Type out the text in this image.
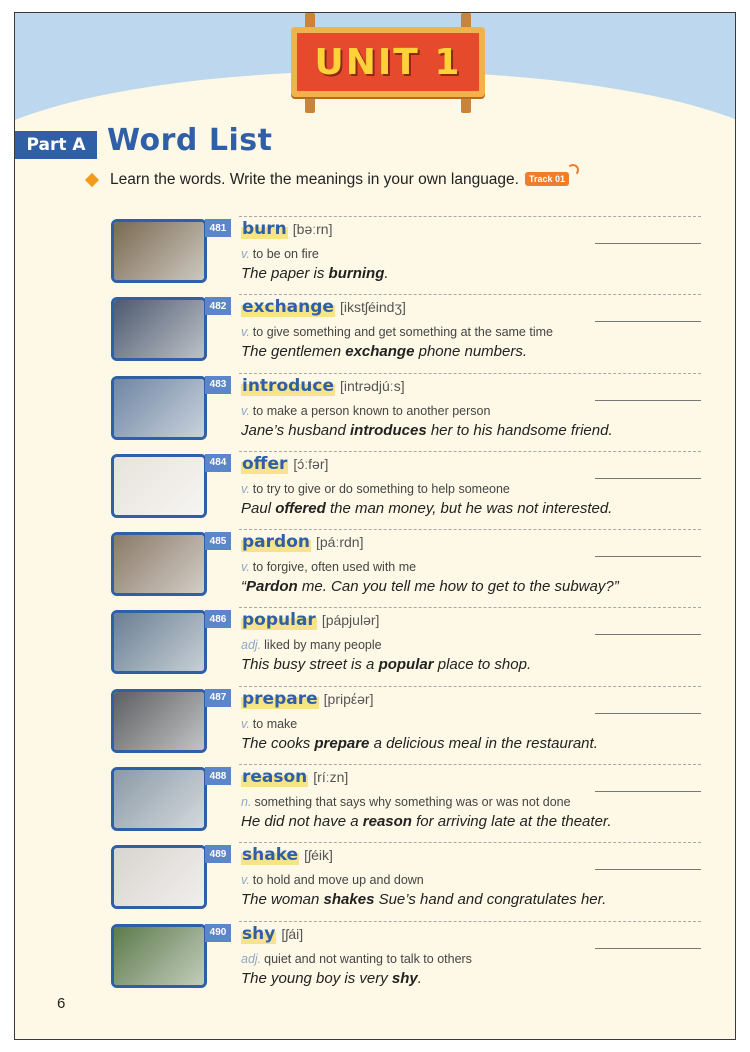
UNIT 1
Part A Word List
Learn the words. Write the meanings in your own language.	Track 01
481 burn [bəːrn]
v. to be on fire
The paper is burning.
482 exchange [ikstʃéindʒ]
v. to give something and get something at the same time
The gentlemen exchange phone numbers.
483 introduce [intrədjúːs]
v. to make a person known to another person
Jane’s husband introduces her to his handsome friend.
484 offer [ɔ́ːfər]
v. to try to give or do something to help someone
Paul offered the man money, but he was not interested.
485 pardon [páːrdn]
v. to forgive, often used with me
“Pardon me. Can you tell me how to get to the subway?”
486 popular [pápjulər]
adj. liked by many people
This busy street is a popular place to shop.
487 prepare [pripέər]
v. to make
The cooks prepare a delicious meal in the restaurant.
488 reason [ríːzn]
n. something that says why something was or was not done
He did not have a reason for arriving late at the theater.
489 shake [ʃéik]
v. to hold and move up and down
The woman shakes Sue’s hand and congratulates her.
490 shy [ʃái]
adj. quiet and not wanting to talk to others
The young boy is very shy.
6
